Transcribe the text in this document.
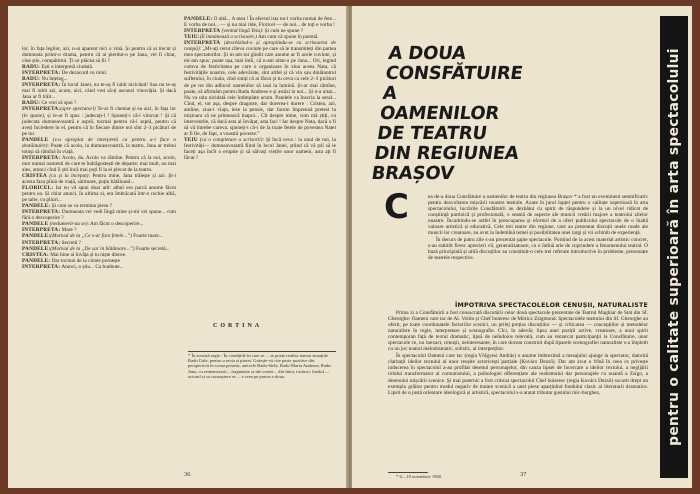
lor, în fața legilor, azi, n-ai aparent nici o vină. Și pentru că ai trecut și dumneata printr-o drama, pentru că ai pierdut-o pe Jana, vei fi chiar, cine știe, compătimit. Ți-ar plăcea să fii ?

RADU: Ești o interpretă ciudată.

INTERPRETA: De dezacord cu rolul.

RADU: Nu înțeleg...

INTERPRETA: În locul Janei, nu te-aș fi iubit nicicând! Sau nu te-aș mai fi iubit azi, acum, aici, când vrei să-ți ascunzi vinovăția. Și dacă Jana ar fi trăit...

RADU: Ce vrei să spui ?

INTERPRETA:(spre spectatori) Te-ar fi chemat și ea aici, în fața lor (le spune), și le-ar fi spus : judecați-l ! Spuneți-i că-i vinovat ! Și că judecata dumneavoastră e aspră, tocmai pentru că-i aspră, pentru că aveți încredere în el, pentru că în fiecare dintre noi sînt 2–3 picături de pe tot.

PANDELE (s-a apropiat de interpretă ca pentru a-i face o destăinuire): Poate că acolo, la dumneavoastră, la teatru, Jana ar trebui totuși să rămînă în viață.

INTERPRETA: Acolo, da. Acolo va rămîne. Pentru că la noi, acolo, mor numai oamenii de care te îndrăgostești de departe; mai mult, nu mai ales, atunci cînd îi știi încă mai poți fi la ei plecat de la teatru.

CRISTEA (ca și la început): Pentru mine, Jana trăiește și azi. Și-i acesta faza plină de viață, sărituare, puțin bătăioasă...

FLORICEL: Iar eu vă spun doar atît: albul era parcă anume făcut pentru ea. Și chiar atunci, în ultima zi, era îmbrăcată într-o rochie albă, pe talie, cu pliuri...

PANDELE: Și cum se va termina piesa ?

INTERPRETA: Dumneata vei vedi lîngă mine și-mi vei spune... cum fără o descoperire ?

PANDELE (nedumerit-au se): Am făcut o descoperire...

INTERPRETA: Mare ?

PANDELE:(Motivul de la „Ce s-ar face fetele...”) Foarte mare...

INTERPRETA: Secretă ?

PANDELE:(Motivul de la „De sar în bătătoare...”) Foarte secretă...

CRISTEA: Mai bine ai învăța și tu niște diecee.

PANDELE: Dar tocmai de la cintee pornește

INTERPRETA: Atunci, o știu... Ca bunbute...

PANDELE: O altă... A mea ! În efectul ista nu-i vorba numai de fete... E vorba de noi... — și nu mai ride, Floricel — de noi... de toți e vorba !

INTERPRETA (venind lîngă Teiu): Și cum ne spune ?

TEIU:(Îi înmânează o scrisoare.) Am cum vă spune în poemă.

INTERPRETA (deschizînd-o și apropiindu-se cu scrisoarea de rampă): „Mi-ați cerut cîteva cuvinte pe care să le transmiteți din partea mea spectatorilor. Și m-am tot gîndit care anume ar fi acele cuvinte, și mi-am spus: poate ușa, mai întîi, că n-am uitat-o pe Jana... Ori, legind cumva de festivitatea pe care o organizase în ziua aceea Nata, că festivitățile noastre, cele adevărate, sînt altfel și că vin sau dinlăuntrul sufletului, în ciuda, cînd simți că ai făcut și tu ceva ca cele 2–3 picături de pe tot din adîncul oamenilor să iasă la lumină. Și-ar mai rămîne, poate, să afirmăm pentru Radu Andrese e și astăzi la noi... Și n-a uitat... Nu va uita nicidată cele întîmplate acum. Pandele va înscria la seral... Cînd, ei, tot așa, despre dragoste, dar durerea-i durere : Cristea, azi, amîine, ziua-i viața, iese la pensie, dar facem împreună pretest la mișioara să ne primească înapoi... Cît despre mine, cum mă știți, cu interventile, că dacă asta ai învățat, asta faci ! Iar despre Nata, dacă o fi să vă întrebe careva, spuneți-i că-i de la toate fetele de povestea Natei ar fi fie, de fapt, a voastră poveste.”

TEIU (ca o completare a scrisorii): Și încă ceva : la unul de noi, la festivități— dumneavoastră fiind în locul Janei, știind că vă știi să le faceți așa încît o eruptie și să sălvați viețile unor oameni, asta ați fi făcut ?

CORTINA
* În această regie : În condițiile în care se ... se poate realiza numai situațiile Radu Gale, pentru a recta și piesei. Grăește-vă cite peste pozitive din perspectivă în scena prezent, anexele Radu-Stela, Radu-Maria Andreea, Radu-Jana, cu rememorarii... fragmente și-ale scenei... din Intra, inclusiv finalul — actorul și sa cunoaștere se ... a ceea pe partea a doua.
36
A DOUA
CONSFĂTUIRE
A
OAMENILOR
DE TEATRU
DIN REGIUNEA BRAȘOV	pentru o calitate superioară în arta spectacolului
C	ea de-a doua Consfătuire a oamenilor de teatru din regiunea Brașov * a fost un eveniment semnificativ pentru dezvoltarea mișcării noastre teatrale. Axate în jurul lupței pentru o calitate superioară în arta spectacolului, lucrările Consfătuirii au dezbătut cu spirit de răspundere și la un nivel ridicat de conștiință partinică și profesională, o seamă de aspecte ale muncii creării majore a teatrului zilelor noastre. Încadrindu-se astfel în preocuparea și eforturi de a oferi publicului spectacole de o înaltă valoare artistică și educativă. Cele trei teatre din regiune, care au prezentat discuții unele roade ale muncii lor creatoare, au avut la îndemînă temei și posibilitatea unei largi și vii schimb de experiență.

În decurs de patru zile s-au prezentat șapte spectacole. Pornind de la acest material artistic concret, s-au stabilit firesc aprecieri vii, generalizatoare, cu o întînă arie de cuprindere a fenomenului teatral. O bază principială și utilă discuțiilor au constituit-o cele trei referate introductive în probleme, prezentate de teatrele respective.

ÎMPOTRIVA SPECTACOLELOR CENUȘII, NATURALISTE

Prima zi a Consfătuirii a fost consacrată discutării celor două spectacole prezentate de Teatrul Maghiar de Stat din Sf. Gheorghe: Oameni care tac de Al. Voitin și Chef boieresc de Móricz Zsigmond. Spectacolele teatrului din Sf. Gheorghe au oferit, pe toate coordonatele factorilor scenici, un prilej prețios discuțiilor — și criticarea — concepțiilor și metodelor naturaliste în regie, interpretare și scenografie. Cîci, în adevăr, lipsa unei poziții active, creatoare, a unui spirit contemporan față de textul dramatic, lipsă de neîndoios relevată, cum au remarcat participanții la Consfătuire, unor spectacole ce, nu inexact, cenușii, neinteresante, în care doceat construit după tiparele scenografiei naturaliste s-a împletit cu un joc teatral melodramatic, solistic, al interpreților.

În spectacolul Oameni care tac (regia Völgyesi András) o anume îmbrezimă a mesajului ajunge la spectator, datorită claritații ideilor textului al unor reușite actoricești parțiale (Kovács Dezső). Dar am avut o frînă în ceea ce privește inducerea în spectacolul a-au profilat desenul personajelor, din cauza lipsei de încercare a ideilor textului, a negljării rolului transformator al comunistului, a psihologiei diferențiate ale realismului dar personajele cu nuantă a Zsigo, a desenului mișcării scenice. Și mai puternic a fost criticat spectacolul Chef boieresc (regia Kovács Dezső) socotit drept un exemplu grăitor pentru modul negativ de tratare scenică a unei piese aparținînd fondului clasic al literaturii dramatice. Lipsit de o justă orientare ideologică și artistică, spectacolul s-a aratat tributar gustului mic-burghez,

* 6—10 noiembrie 1960.	37
